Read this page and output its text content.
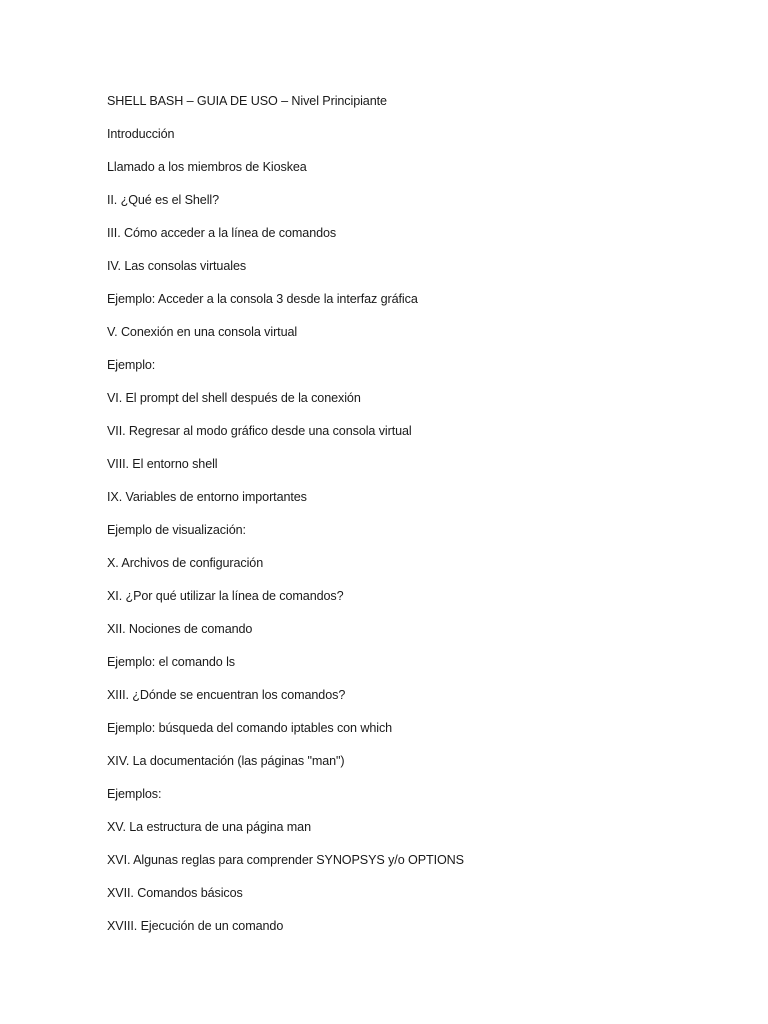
SHELL BASH – GUIA DE USO – Nivel Principiante
Introducción
Llamado a los miembros de Kioskea
II. ¿Qué es el Shell?
III. Cómo acceder a la línea de comandos
IV. Las consolas virtuales
Ejemplo: Acceder a la consola 3 desde la interfaz gráfica
V. Conexión en una consola virtual
Ejemplo:
VI. El prompt del shell después de la conexión
VII. Regresar al modo gráfico desde una consola virtual
VIII. El entorno shell
IX. Variables de entorno importantes
Ejemplo de visualización:
X. Archivos de configuración
XI. ¿Por qué utilizar la línea de comandos?
XII. Nociones de comando
Ejemplo: el comando ls
XIII. ¿Dónde se encuentran los comandos?
Ejemplo: búsqueda del comando iptables con which
XIV. La documentación (las páginas "man")
Ejemplos:
XV. La estructura de una página man
XVI. Algunas reglas para comprender SYNOPSYS y/o OPTIONS
XVII. Comandos básicos
XVIII. Ejecución de un comando
